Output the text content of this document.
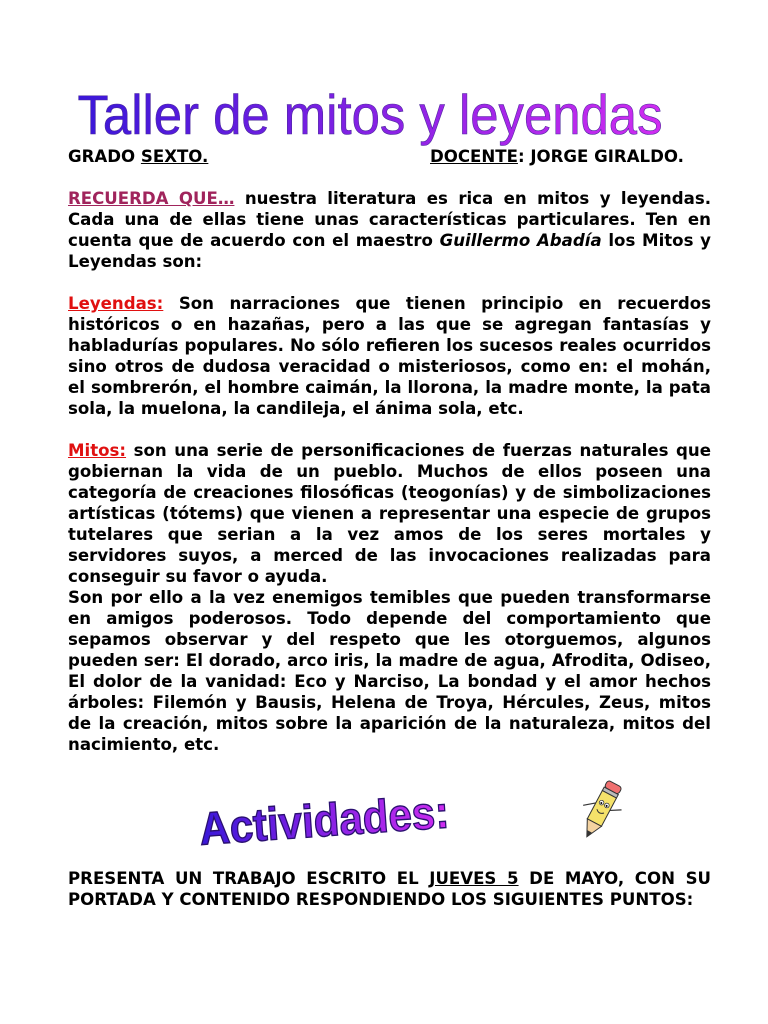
Taller de mitos y leyendas
GRADO SEXTO.	DOCENTE: JORGE GIRALDO.

RECUERDA QUE… nuestra literatura es rica en mitos y leyendas. Cada una de ellas tiene unas características particulares. Ten en cuenta que de acuerdo con el maestro Guillermo Abadía los Mitos y Leyendas son:

Leyendas: Son narraciones que tienen principio en recuerdos históricos o en hazañas, pero a las que se agregan fantasías y habladurías populares. No sólo refieren los sucesos reales ocurridos sino otros de dudosa veracidad o misteriosos, como en: el mohán, el sombrerón, el hombre caimán, la llorona, la madre monte, la pata sola, la muelona, la candileja, el ánima sola, etc.

Mitos: son una serie de personificaciones de fuerzas naturales que gobiernan la vida de un pueblo. Muchos de ellos poseen una categoría de creaciones filosóficas (teogonías) y de simbolizaciones artísticas (tótems) que vienen a representar una especie de grupos tutelares que serian a la vez amos de los seres mortales y servidores suyos, a merced de las invocaciones realizadas para conseguir su favor o ayuda.

Son por ello a la vez enemigos temibles que pueden transformarse en amigos poderosos. Todo depende del comportamiento que sepamos observar y del respeto que les otorguemos, algunos pueden ser: El dorado, arco iris, la madre de agua, Afrodita, Odiseo, El dolor de la vanidad: Eco y Narciso, La bondad y el amor hechos árboles: Filemón y Bausis, Helena de Troya, Hércules, Zeus, mitos de la creación, mitos sobre la aparición de la naturaleza, mitos del nacimiento, etc.

Actividades:

PRESENTA UN TRABAJO ESCRITO EL JUEVES 5 DE MAYO, CON SU PORTADA Y CONTENIDO RESPONDIENDO LOS SIGUIENTES PUNTOS:
